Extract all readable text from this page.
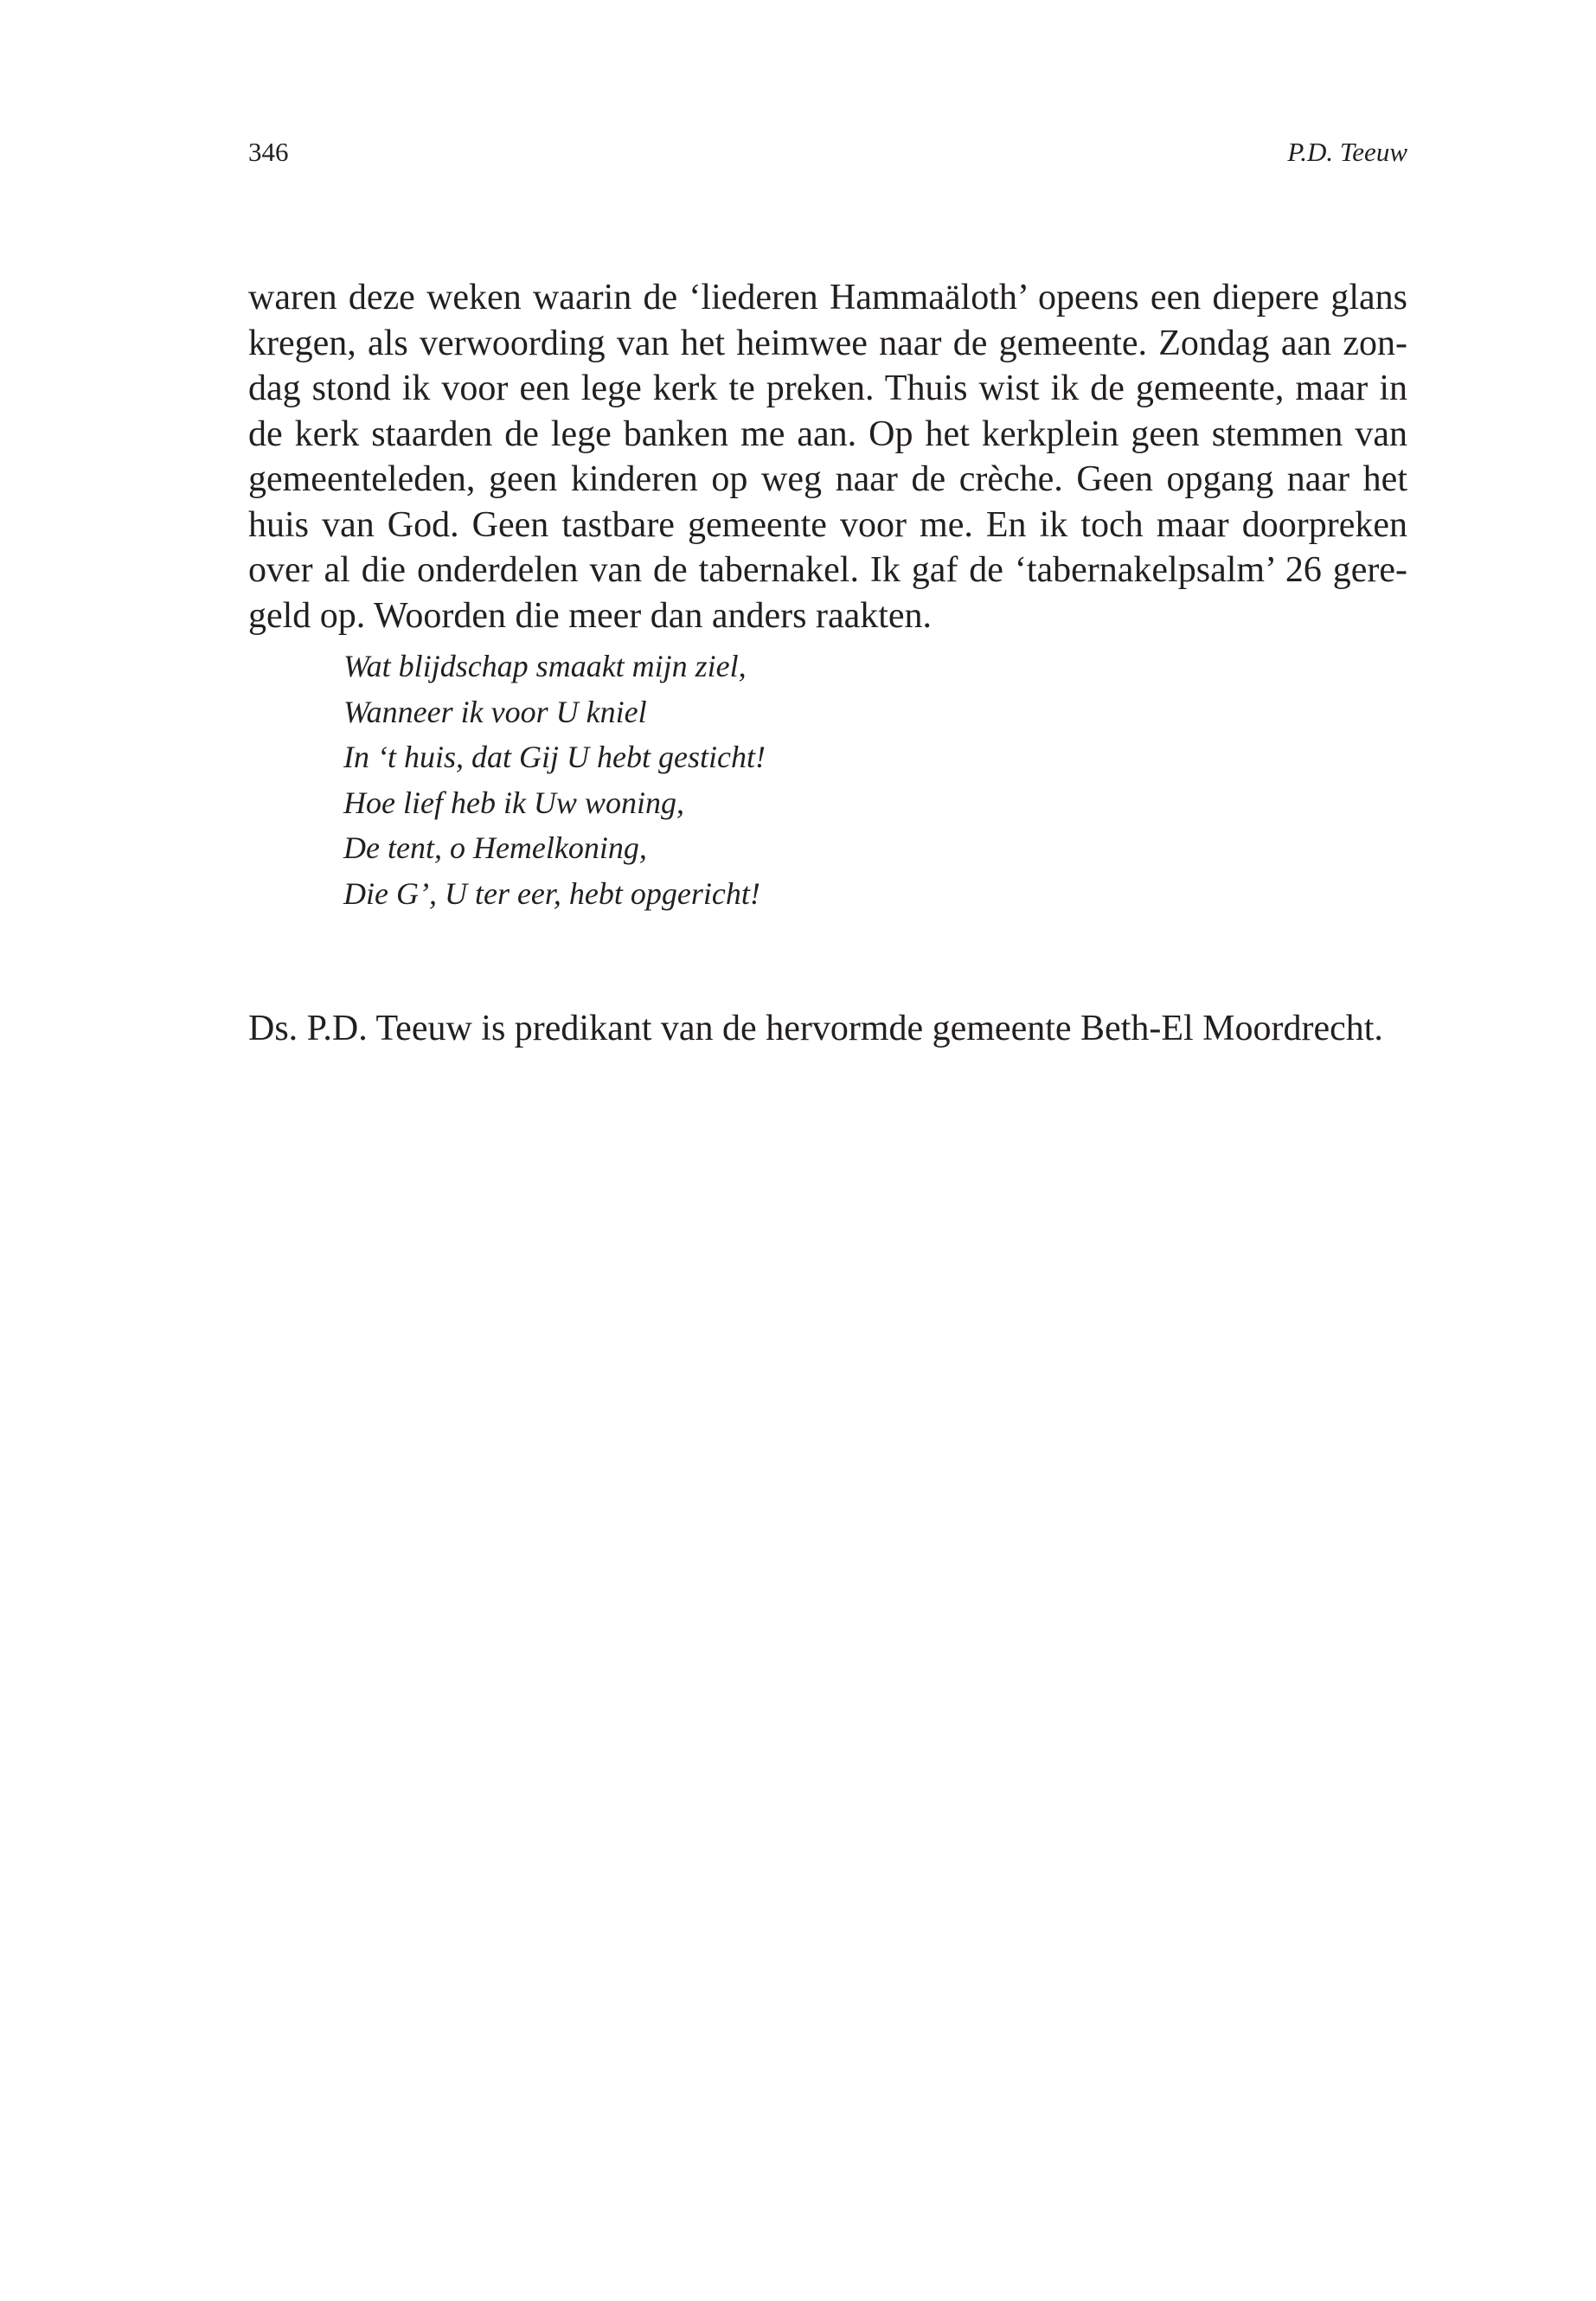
346	P.D. Teeuw
waren deze weken waarin de ‘liederen Hammaäloth’ opeens een diepere glans
kregen, als verwoording van het heimwee naar de gemeente. Zondag aan zon-
dag stond ik voor een lege kerk te preken. Thuis wist ik de gemeente, maar in
de kerk staarden de lege banken me aan. Op het kerkplein geen stemmen van
gemeenteleden, geen kinderen op weg naar de crèche. Geen opgang naar het
huis van God. Geen tastbare gemeente voor me. En ik toch maar doorpreken
over al die onderdelen van de tabernakel. Ik gaf de ‘tabernakelpsalm’ 26 gere-
geld op. Woorden die meer dan anders raakten.
Wat blijdschap smaakt mijn ziel,
Wanneer ik voor U kniel
In ‘t huis, dat Gij U hebt gesticht!
Hoe lief heb ik Uw woning,
De tent, o Hemelkoning,
Die G’, U ter eer, hebt opgericht!
Ds. P.D. Teeuw is predikant van de hervormde gemeente Beth-El Moordrecht.
